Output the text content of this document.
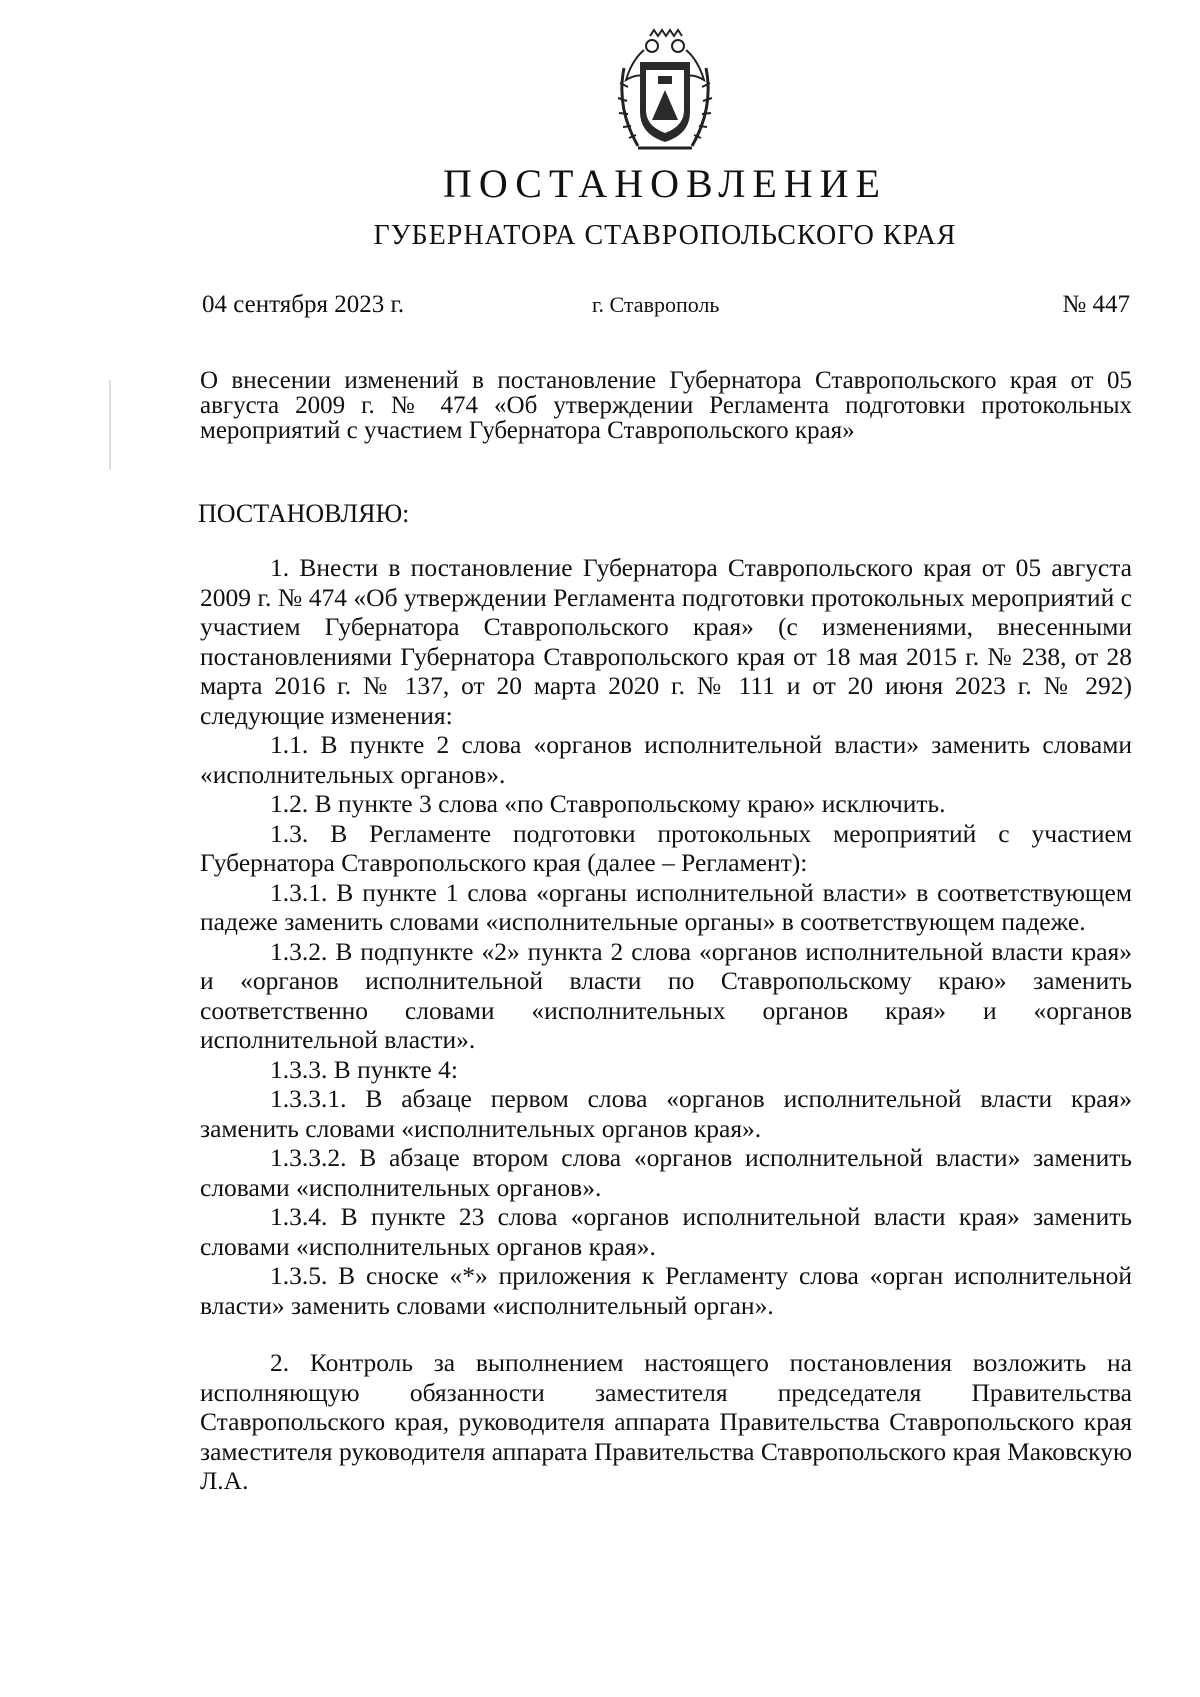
ПОСТАНОВЛЕНИЕ
ГУБЕРНАТОРА СТАВРОПОЛЬСКОГО КРАЯ
04 сентября 2023 г.	г. Ставрополь	№ 447
О внесении изменений в постановление Губернатора Ставропольского края от 05 августа 2009 г. № 474 «Об утверждении Регламента подготовки протокольных мероприятий с участием Губернатора Ставропольского края»
ПОСТАНОВЛЯЮ:

1. Внести в постановление Губернатора Ставропольского края от 05 августа 2009 г. № 474 «Об утверждении Регламента подготовки протокольных мероприятий с участием Губернатора Ставропольского края» (с изменениями, внесенными постановлениями Губернатора Ставропольского края от 18 мая 2015 г. № 238, от 28 марта 2016 г. № 137, от 20 марта 2020 г. № 111 и от 20 июня 2023 г. № 292) следующие изменения:

1.1. В пункте 2 слова «органов исполнительной власти» заменить словами «исполнительных органов».

1.2. В пункте 3 слова «по Ставропольскому краю» исключить.

1.3. В Регламенте подготовки протокольных мероприятий с участием Губернатора Ставропольского края (далее – Регламент):

1.3.1. В пункте 1 слова «органы исполнительной власти» в соответствующем падеже заменить словами «исполнительные органы» в соответствующем падеже.

1.3.2. В подпункте «2» пункта 2 слова «органов исполнительной власти края» и «органов исполнительной власти по Ставропольскому краю» заменить соответственно словами «исполнительных органов края» и «органов исполнительной власти».

1.3.3. В пункте 4:

1.3.3.1. В абзаце первом слова «органов исполнительной власти края» заменить словами «исполнительных органов края».

1.3.3.2. В абзаце втором слова «органов исполнительной власти» заменить словами «исполнительных органов».

1.3.4. В пункте 23 слова «органов исполнительной власти края» заменить словами «исполнительных органов края».

1.3.5. В сноске «*» приложения к Регламенту слова «орган исполнительной власти» заменить словами «исполнительный орган».

2. Контроль за выполнением настоящего постановления возложить на исполняющую обязанности заместителя председателя Правительства Ставропольского края, руководителя аппарата Правительства Ставропольского края заместителя руководителя аппарата Правительства Ставропольского края Маковскую Л.А.
